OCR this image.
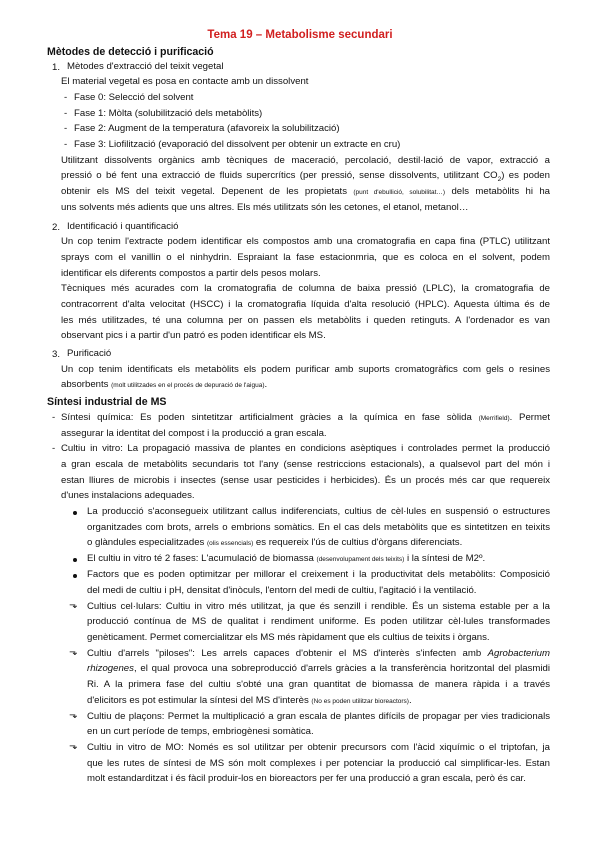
Tema 19 – Metabolisme secundari
Mètodes de detecció i purificació
1. Mètodes d'extracció del teixit vegetal
El material vegetal es posa en contacte amb un dissolvent
- Fase 0: Selecció del solvent
- Fase 1: Mòlta (solubilització dels metabòlits)
- Fase 2: Augment de la temperatura (afavoreix la solubilització)
- Fase 3: Liofilització (evaporació del dissolvent per obtenir un extracte en cru)
Utilitzant dissolvents orgànics amb tècniques de maceració, percolació, destil·lació de vapor, extracció a
pressió o bé fent una extracció de fluids supercrítics (per pressió, sense dissolvents, utilitzant $CO_2$) es poden
obtenir els MS del teixit vegetal. Depenent de les propietats (punt d'ebullició, solubilitat…) dels metabòlits hi ha
uns solvents més adients que uns altres. Els més utilitzats són les cetones, el etanol, metanol…
2. Identificació i quantificació
Un cop tenim l'extracte podem identificar els compostos amb una cromatografia en capa fina (PTLC) utilitzant
sprays com el vanillin o el ninhydrin. Espraiant la fase estacionmria, que es coloca en el solvent, podem
identificar els diferents compostos a partir dels pesos molars.
Tècniques més acurades com la cromatografia de columna de baixa pressió (LPLC), la cromatografia de
contracorrent d'alta velocitat (HSCC) i la cromatografia líquida d'alta resolució (HPLC). Aquesta última és de
les més utilitzades, té una columna per on passen els metabòlits i queden retinguts. A l'ordenador es van
observant pics i a partir d'un patró es poden identificar els MS.
3. Purificació
Un cop tenim identificats els metabòlits els podem purificar amb suports cromatogràfics com gels o resines
absorbents (molt utilitzades en el procés de depuració de l'aigua).
Síntesi industrial de MS
- Síntesi química: Es poden sintetitzar artificialment gràcies a la química en fase sòlida (Merrifield). Permet
assegurar la identitat del compost i la producció a gran escala.
- Cultiu in vitro: La propagació massiva de plantes en condicions asèptiques i controlades permet la producció
a gran escala de metabòlits secundaris tot l'any (sense restriccions estacionals), a qualsevol part del món i
estan lliures de microbis i insectes (sense usar pesticides i herbicides). És un procés més car que requereix
d'unes instalacions adequades.
La producció s'aconsegueix utilitzant callus indiferenciats, cultius de cèl·lules en suspensió o estructures
organitzades com brots, arrels o embrions somàtics. En el cas dels metabòlits que es sintetitzen en teixits
o glàndules especialitzades (olis essencials) es requereix l'ús de cultius d'òrgans diferenciats.
El cultiu in vitro té 2 fases: L'acumulació de biomassa (desenvolupament dels teixits) i la síntesi de M2º.
Factors que es poden optimitzar per millorar el creixement i la productivitat dels metabòlits: Composició
del medi de cultiu i pH, densitat d'inòculs, l'entorn del medi de cultiu, l'agitació i la ventilació.
⬎ Cultius cel·lulars: Cultiu in vitro més utilitzat, ja que és senzill i rendible. És un sistema estable per a la
producció contínua de MS de qualitat i rendiment uniforme. Es poden utilitzar cèl·lules transformades
genèticament. Permet comercialitzar els MS més ràpidament que els cultius de teixits i òrgans.
⬎ Cultiu d'arrels "piloses": Les arrels capaces d'obtenir el MS d'interès s'infecten amb Agrobacterium
rhizogenes, el qual provoca una sobreproducció d'arrels gràcies a la transferència horitzontal del plasmidi
Ri. A la primera fase del cultiu s'obté una gran quantitat de biomassa de manera ràpida i a través
d'elicitors es pot estimular la síntesi del MS d'interès (No es poden utilitzar bioreactors).
⬎ Cultiu de plaçons: Permet la multiplicació a gran escala de plantes difícils de propagar per vies tradicionals
en un curt període de temps, embriogènesi somàtica.
⬎ Cultiu in vitro de MO: Només es sol utilitzar per obtenir precursors com l'àcid xiquímic o el triptofan, ja
que les rutes de síntesi de MS són molt complexes i per potenciar la producció cal simplificar-les. Estan
molt estandarditzat i és fàcil produir-los en bioreactors per fer una producció a gran escala, però és car.
